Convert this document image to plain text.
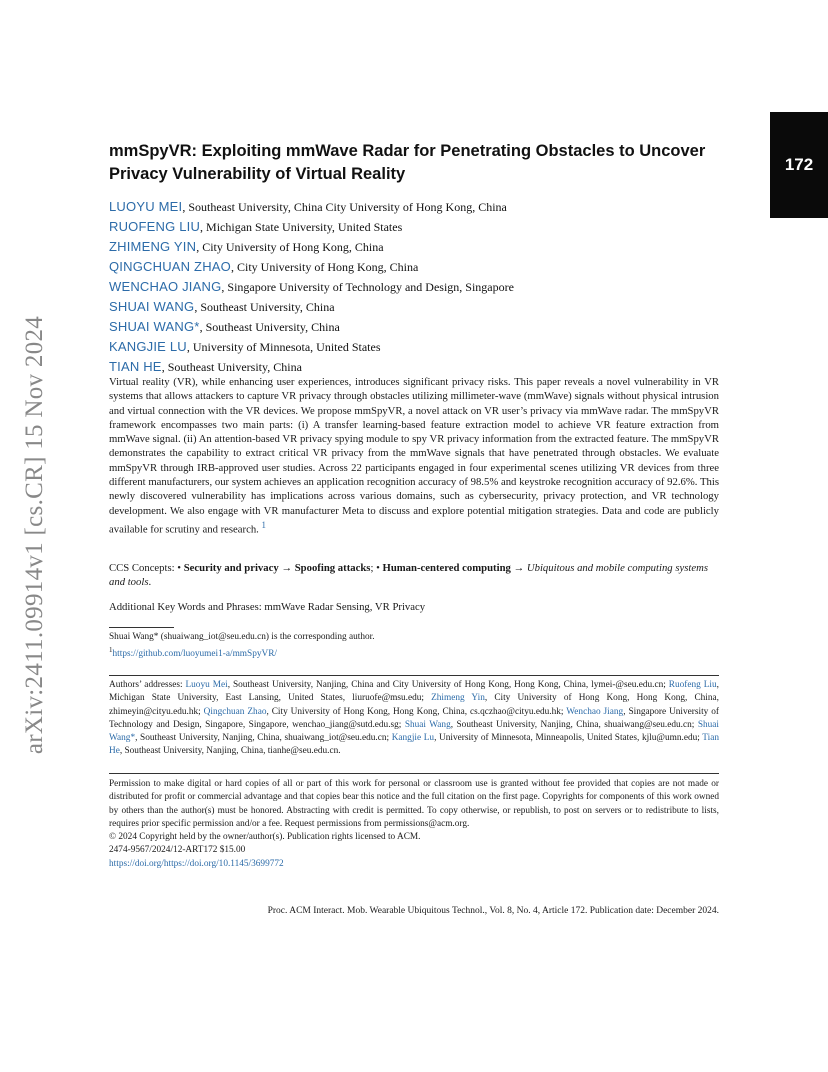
arXiv:2411.09914v1 [cs.CR] 15 Nov 2024
172
mmSpyVR: Exploiting mmWave Radar for Penetrating Obstacles to Uncover Privacy Vulnerability of Virtual Reality
LUOYU MEI, Southeast University, China City University of Hong Kong, China
RUOFENG LIU, Michigan State University, United States
ZHIMENG YIN, City University of Hong Kong, China
QINGCHUAN ZHAO, City University of Hong Kong, China
WENCHAO JIANG, Singapore University of Technology and Design, Singapore
SHUAI WANG, Southeast University, China
SHUAI WANG*, Southeast University, China
KANGJIE LU, University of Minnesota, United States
TIAN HE, Southeast University, China

Virtual reality (VR), while enhancing user experiences, introduces significant privacy risks. This paper reveals a novel vulnerability in VR systems that allows attackers to capture VR privacy through obstacles utilizing millimeter-wave (mmWave) signals without physical intrusion and virtual connection with the VR devices. We propose mmSpyVR, a novel attack on VR user’s privacy via mmWave radar. The mmSpyVR framework encompasses two main parts: (i) A transfer learning-based feature extraction model to achieve VR feature extraction from mmWave signal. (ii) An attention-based VR privacy spying module to spy VR privacy information from the extracted feature. The mmSpyVR demonstrates the capability to extract critical VR privacy from the mmWave signals that have penetrated through obstacles. We evaluate mmSpyVR through IRB-approved user studies. Across 22 participants engaged in four experimental scenes utilizing VR devices from three different manufacturers, our system achieves an application recognition accuracy of 98.5% and keystroke recognition accuracy of 92.6%. This newly discovered vulnerability has implications across various domains, such as cybersecurity, privacy protection, and VR technology development. We also engage with VR manufacturer Meta to discuss and explore potential mitigation strategies. Data and code are publicly available for scrutiny and research. $^1$

CCS Concepts: • Security and privacy → Spoofing attacks; • Human-centered computing → Ubiquitous and mobile computing systems and tools.

Additional Key Words and Phrases: mmWave Radar Sensing, VR Privacy

Shuai Wang* (shuaiwang_iot@seu.edu.cn) is the corresponding author.

$^1$https://github.com/luoyumei1-a/mmSpyVR/

Authors’ addresses: Luoyu Mei, Southeast University, Nanjing, China and City University of Hong Kong, Hong Kong, China, lymei-@seu.edu.cn; Ruofeng Liu, Michigan State University, East Lansing, United States, liuruofe@msu.edu; Zhimeng Yin, City University of Hong Kong, Hong Kong, China, zhimeyin@cityu.edu.hk; Qingchuan Zhao, City University of Hong Kong, Hong Kong, China, cs.qczhao@cityu.edu.hk; Wenchao Jiang, Singapore University of Technology and Design, Singapore, Singapore, wenchao_jiang@sutd.edu.sg; Shuai Wang, Southeast University, Nanjing, China, shuaiwang@seu.edu.cn; Shuai Wang*, Southeast University, Nanjing, China, shuaiwang_iot@seu.edu.cn; Kangjie Lu, University of Minnesota, Minneapolis, United States, kjlu@umn.edu; Tian He, Southeast University, Nanjing, China, tianhe@seu.edu.cn.

Permission to make digital or hard copies of all or part of this work for personal or classroom use is granted without fee provided that copies are not made or distributed for profit or commercial advantage and that copies bear this notice and the full citation on the first page. Copyrights for components of this work owned by others than the author(s) must be honored. Abstracting with credit is permitted. To copy otherwise, or republish, to post on servers or to redistribute to lists, requires prior specific permission and/or a fee. Request permissions from permissions@acm.org.

© 2024 Copyright held by the owner/author(s). Publication rights licensed to ACM.

2474-9567/2024/12-ART172 $15.00

https://doi.org/https://doi.org/10.1145/3699772

Proc. ACM Interact. Mob. Wearable Ubiquitous Technol., Vol. 8, No. 4, Article 172. Publication date: December 2024.
